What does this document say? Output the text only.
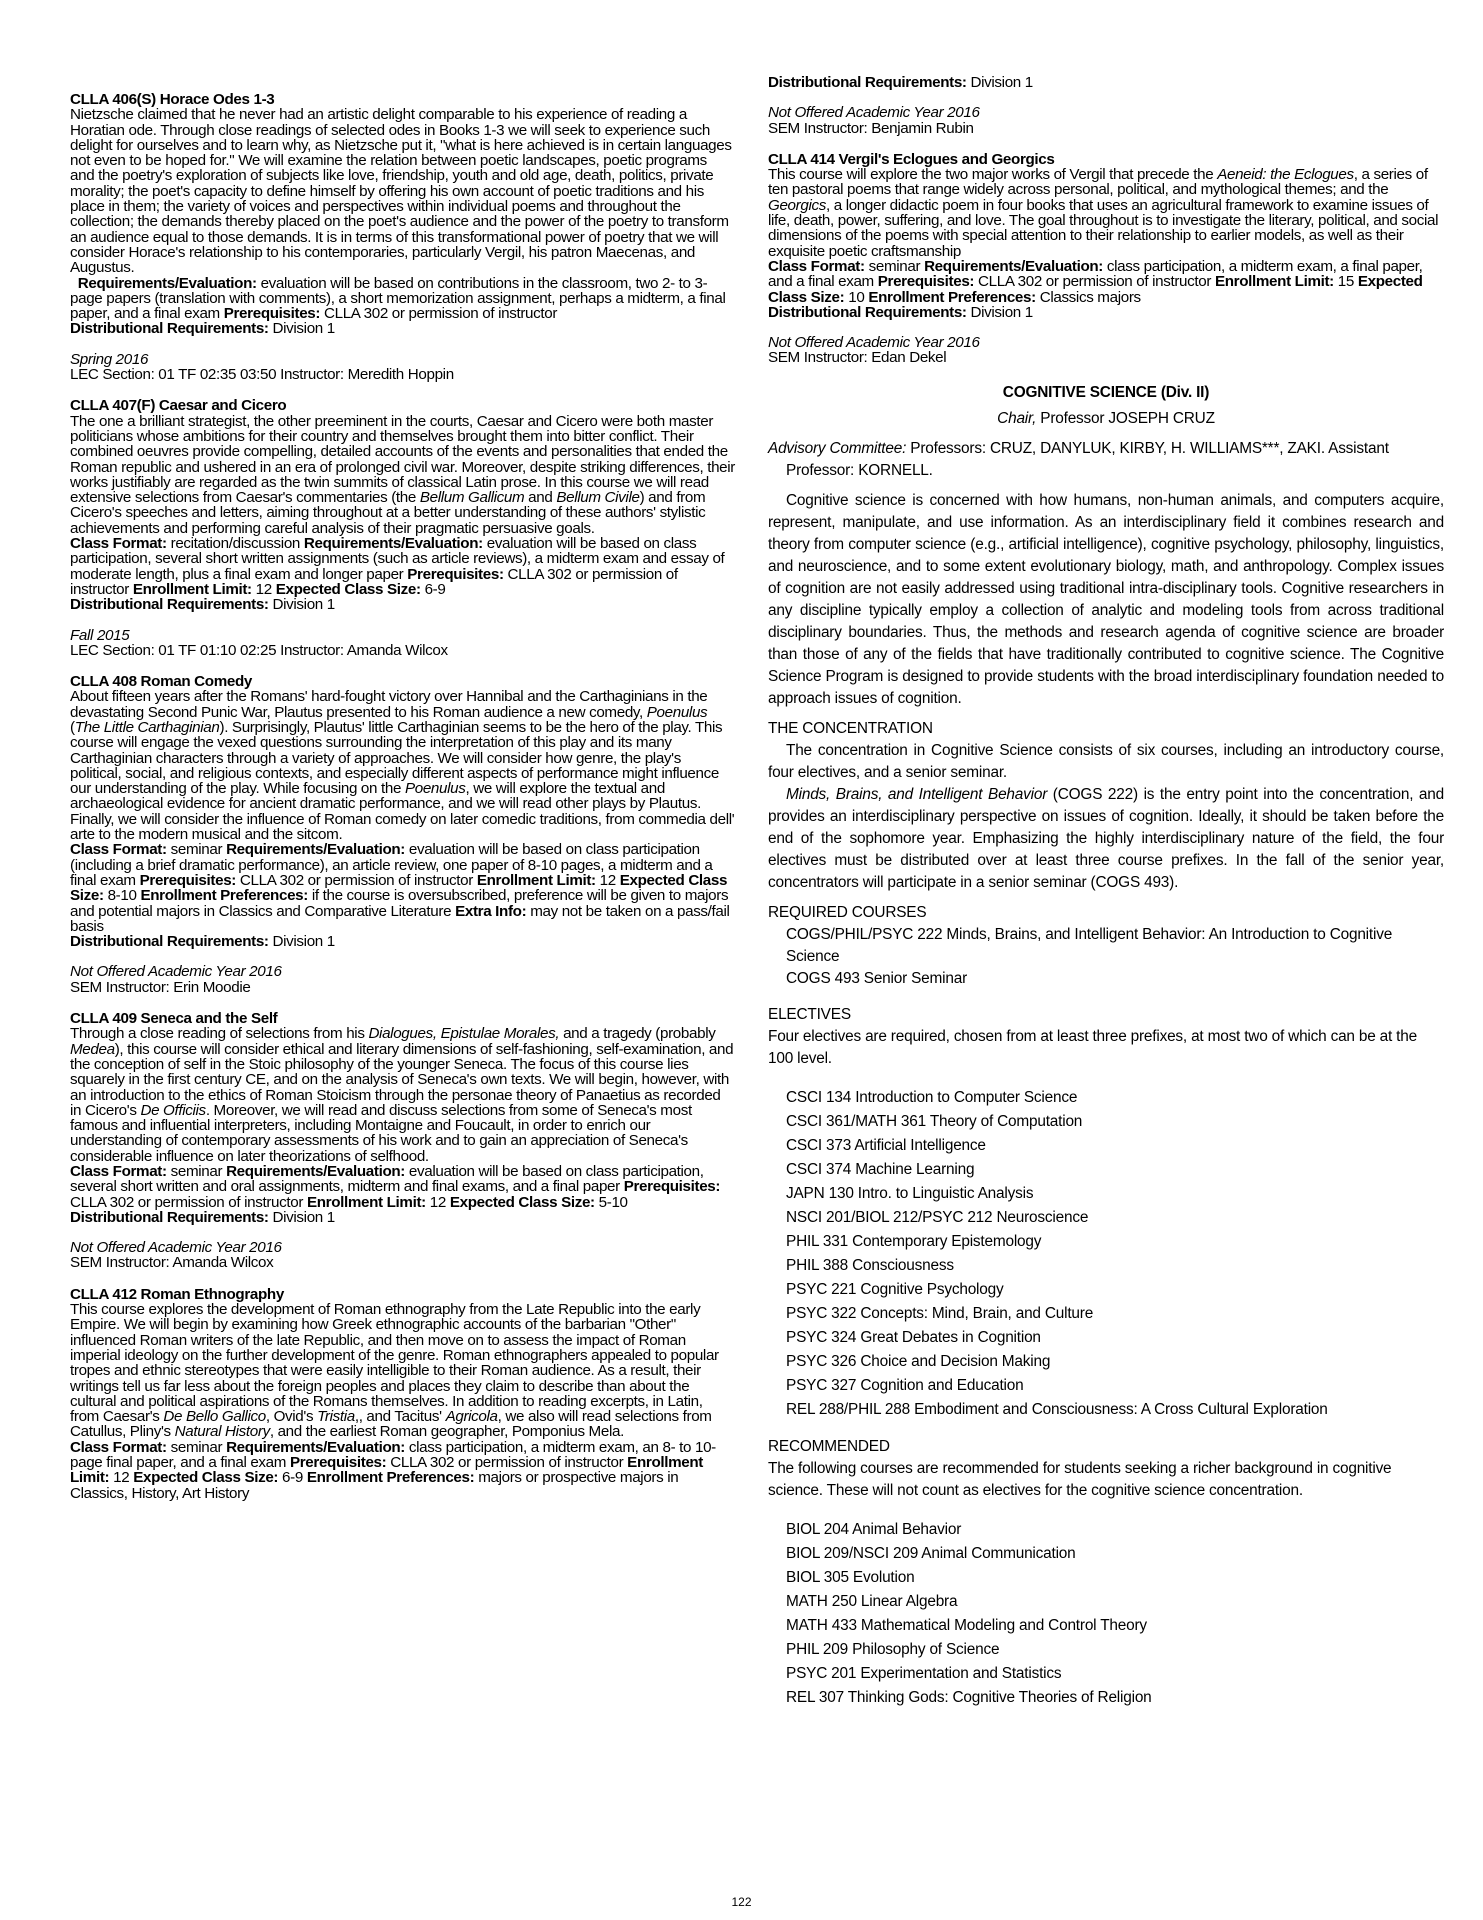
CLLA 406(S) Horace Odes 1-3

Nietzsche claimed that he never had an artistic delight comparable to his experience of reading a Horatian ode. Through close readings of selected odes in Books 1-3 we will seek to experience such delight for ourselves and to learn why, as Nietzsche put it, "what is here achieved is in certain languages not even to be hoped for." We will examine the relation between poetic landscapes, poetic programs and the poetry's exploration of subjects like love, friendship, youth and old age, death, politics, private morality; the poet's capacity to define himself by offering his own account of poetic traditions and his place in them; the variety of voices and perspectives within individual poems and throughout the collection; the demands thereby placed on the poet's audience and the power of the poetry to transform an audience equal to those demands. It is in terms of this transformational power of poetry that we will consider Horace's relationship to his contemporaries, particularly Vergil, his patron Maecenas, and Augustus.

Requirements/Evaluation: evaluation will be based on contributions in the classroom, two 2- to 3-page papers (translation with comments), a short memorization assignment, perhaps a midterm, a final paper, and a final exam Prerequisites: CLLA 302 or permission of instructor

Distributional Requirements: Division 1

Spring 2016

LEC Section: 01 TF 02:35 03:50 Instructor: Meredith Hoppin

CLLA 407(F) Caesar and Cicero

The one a brilliant strategist, the other preeminent in the courts, Caesar and Cicero were both master politicians whose ambitions for their country and themselves brought them into bitter conflict. Their combined oeuvres provide compelling, detailed accounts of the events and personalities that ended the Roman republic and ushered in an era of prolonged civil war. Moreover, despite striking differences, their works justifiably are regarded as the twin summits of classical Latin prose. In this course we will read extensive selections from Caesar's commentaries (the Bellum Gallicum and Bellum Civile) and from Cicero's speeches and letters, aiming throughout at a better understanding of these authors' stylistic achievements and performing careful analysis of their pragmatic persuasive goals.

Class Format: recitation/discussion Requirements/Evaluation: evaluation will be based on class participation, several short written assignments (such as article reviews), a midterm exam and essay of moderate length, plus a final exam and longer paper Prerequisites: CLLA 302 or permission of instructor Enrollment Limit: 12 Expected Class Size: 6-9

Distributional Requirements: Division 1

Fall 2015

LEC Section: 01 TF 01:10 02:25 Instructor: Amanda Wilcox

CLLA 408 Roman Comedy

About fifteen years after the Romans' hard-fought victory over Hannibal and the Carthaginians in the devastating Second Punic War, Plautus presented to his Roman audience a new comedy, Poenulus (The Little Carthaginian). Surprisingly, Plautus' little Carthaginian seems to be the hero of the play. This course will engage the vexed questions surrounding the interpretation of this play and its many Carthaginian characters through a variety of approaches. We will consider how genre, the play's political, social, and religious contexts, and especially different aspects of performance might influence our understanding of the play. While focusing on the Poenulus, we will explore the textual and archaeological evidence for ancient dramatic performance, and we will read other plays by Plautus. Finally, we will consider the influence of Roman comedy on later comedic traditions, from commedia dell' arte to the modern musical and the sitcom.

Class Format: seminar Requirements/Evaluation: evaluation will be based on class participation (including a brief dramatic performance), an article review, one paper of 8-10 pages, a midterm and a final exam Prerequisites: CLLA 302 or permission of instructor Enrollment Limit: 12 Expected Class Size: 8-10 Enrollment Preferences: if the course is oversubscribed, preference will be given to majors and potential majors in Classics and Comparative Literature Extra Info: may not be taken on a pass/fail basis

Distributional Requirements: Division 1

Not Offered Academic Year 2016

SEM Instructor: Erin Moodie

CLLA 409 Seneca and the Self

Through a close reading of selections from his Dialogues, Epistulae Morales, and a tragedy (probably Medea), this course will consider ethical and literary dimensions of self-fashioning, self-examination, and the conception of self in the Stoic philosophy of the younger Seneca. The focus of this course lies squarely in the first century CE, and on the analysis of Seneca's own texts. We will begin, however, with an introduction to the ethics of Roman Stoicism through the personae theory of Panaetius as recorded in Cicero's De Officiis. Moreover, we will read and discuss selections from some of Seneca's most famous and influential interpreters, including Montaigne and Foucault, in order to enrich our understanding of contemporary assessments of his work and to gain an appreciation of Seneca's considerable influence on later theorizations of selfhood.

Class Format: seminar Requirements/Evaluation: evaluation will be based on class participation, several short written and oral assignments, midterm and final exams, and a final paper Prerequisites: CLLA 302 or permission of instructor Enrollment Limit: 12 Expected Class Size: 5-10

Distributional Requirements: Division 1

Not Offered Academic Year 2016

SEM Instructor: Amanda Wilcox

CLLA 412 Roman Ethnography

This course explores the development of Roman ethnography from the Late Republic into the early Empire. We will begin by examining how Greek ethnographic accounts of the barbarian "Other" influenced Roman writers of the late Republic, and then move on to assess the impact of Roman imperial ideology on the further development of the genre. Roman ethnographers appealed to popular tropes and ethnic stereotypes that were easily intelligible to their Roman audience. As a result, their writings tell us far less about the foreign peoples and places they claim to describe than about the cultural and political aspirations of the Romans themselves. In addition to reading excerpts, in Latin, from Caesar's De Bello Gallico, Ovid's Tristia,, and Tacitus' Agricola, we also will read selections from Catullus, Pliny's Natural History, and the earliest Roman geographer, Pomponius Mela.

Class Format: seminar Requirements/Evaluation: class participation, a midterm exam, an 8- to 10-page final paper, and a final exam Prerequisites: CLLA 302 or permission of instructor Enrollment Limit: 12 Expected Class Size: 6-9 Enrollment Preferences: majors or prospective majors in Classics, History, Art History

Distributional Requirements: Division 1

Not Offered Academic Year 2016

SEM Instructor: Benjamin Rubin

CLLA 414 Vergil's Eclogues and Georgics

This course will explore the two major works of Vergil that precede the Aeneid: the Eclogues, a series of ten pastoral poems that range widely across personal, political, and mythological themes; and the Georgics, a longer didactic poem in four books that uses an agricultural framework to examine issues of life, death, power, suffering, and love. The goal throughout is to investigate the literary, political, and social dimensions of the poems with special attention to their relationship to earlier models, as well as their exquisite poetic craftsmanship

Class Format: seminar Requirements/Evaluation: class participation, a midterm exam, a final paper, and a final exam Prerequisites: CLLA 302 or permission of instructor Enrollment Limit: 15 Expected Class Size: 10 Enrollment Preferences: Classics majors

Distributional Requirements: Division 1

Not Offered Academic Year 2016

SEM Instructor: Edan Dekel

COGNITIVE SCIENCE (Div. II)
Chair, Professor JOSEPH CRUZ
Advisory Committee: Professors: CRUZ, DANYLUK, KIRBY, H. WILLIAMS***, ZAKI. Assistant Professor: KORNELL.

Cognitive science is concerned with how humans, non-human animals, and computers acquire, represent, manipulate, and use information. As an interdisciplinary field it combines research and theory from computer science (e.g., artificial intelligence), cognitive psychology, philosophy, linguistics, and neuroscience, and to some extent evolutionary biology, math, and anthropology. Complex issues of cognition are not easily addressed using traditional intra-disciplinary tools. Cognitive researchers in any discipline typically employ a collection of analytic and modeling tools from across traditional disciplinary boundaries. Thus, the methods and research agenda of cognitive science are broader than those of any of the fields that have traditionally contributed to cognitive science. The Cognitive Science Program is designed to provide students with the broad interdisciplinary foundation needed to approach issues of cognition.

THE CONCENTRATION

The concentration in Cognitive Science consists of six courses, including an introductory course, four electives, and a senior seminar.

Minds, Brains, and Intelligent Behavior (COGS 222) is the entry point into the concentration, and provides an interdisciplinary perspective on issues of cognition. Ideally, it should be taken before the end of the sophomore year. Emphasizing the highly interdisciplinary nature of the field, the four electives must be distributed over at least three course prefixes. In the fall of the senior year, concentrators will participate in a senior seminar (COGS 493).

REQUIRED COURSES
COGS/PHIL/PSYC 222 Minds, Brains, and Intelligent Behavior: An Introduction to Cognitive Science
COGS 493 Senior Seminar
ELECTIVES
Four electives are required, chosen from at least three prefixes, at most two of which can be at the 100 level.
CSCI 134 Introduction to Computer Science
CSCI 361/MATH 361 Theory of Computation
CSCI 373 Artificial Intelligence
CSCI 374 Machine Learning
JAPN 130 Intro. to Linguistic Analysis
NSCI 201/BIOL 212/PSYC 212 Neuroscience
PHIL 331 Contemporary Epistemology
PHIL 388 Consciousness
PSYC 221 Cognitive Psychology
PSYC 322 Concepts: Mind, Brain, and Culture
PSYC 324 Great Debates in Cognition
PSYC 326 Choice and Decision Making
PSYC 327 Cognition and Education
REL 288/PHIL 288 Embodiment and Consciousness: A Cross Cultural Exploration
RECOMMENDED
The following courses are recommended for students seeking a richer background in cognitive science. These will not count as electives for the cognitive science concentration.
BIOL 204 Animal Behavior
BIOL 209/NSCI 209 Animal Communication
BIOL 305 Evolution
MATH 250 Linear Algebra
MATH 433 Mathematical Modeling and Control Theory
PHIL 209 Philosophy of Science
PSYC 201 Experimentation and Statistics
REL 307 Thinking Gods: Cognitive Theories of Religion
122
